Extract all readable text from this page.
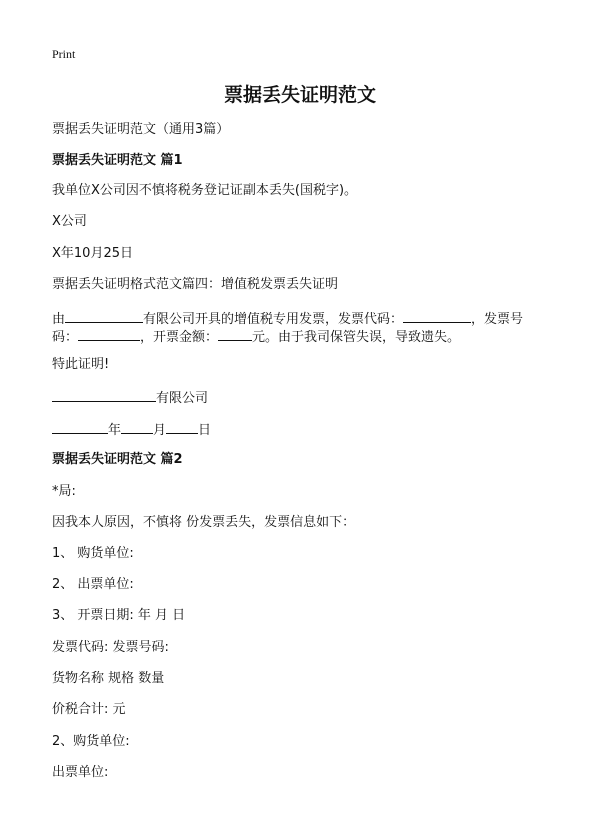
Print
票据丢失证明范文
票据丢失证明范文（通用3篇）
票据丢失证明范文 篇1
我单位X公司因不慎将税务登记证副本丢失(国税字)。
X公司
X年10月25日
票据丢失证明格式范文篇四：增值税发票丢失证明
由	有限公司开具的增值税专用发票，发票代码：	，发票号
码：	，开票金额：	元。由于我司保管失误，导致遗失。
特此证明!
有限公司
年 月 日
票据丢失证明范文 篇2
*局:
因我本人原因，不慎将 份发票丢失，发票信息如下：
1、 购货单位:
2、 出票单位:
3、 开票日期: 年 月 日
发票代码: 发票号码:
货物名称 规格 数量
价税合计: 元
2、购货单位:
出票单位:
